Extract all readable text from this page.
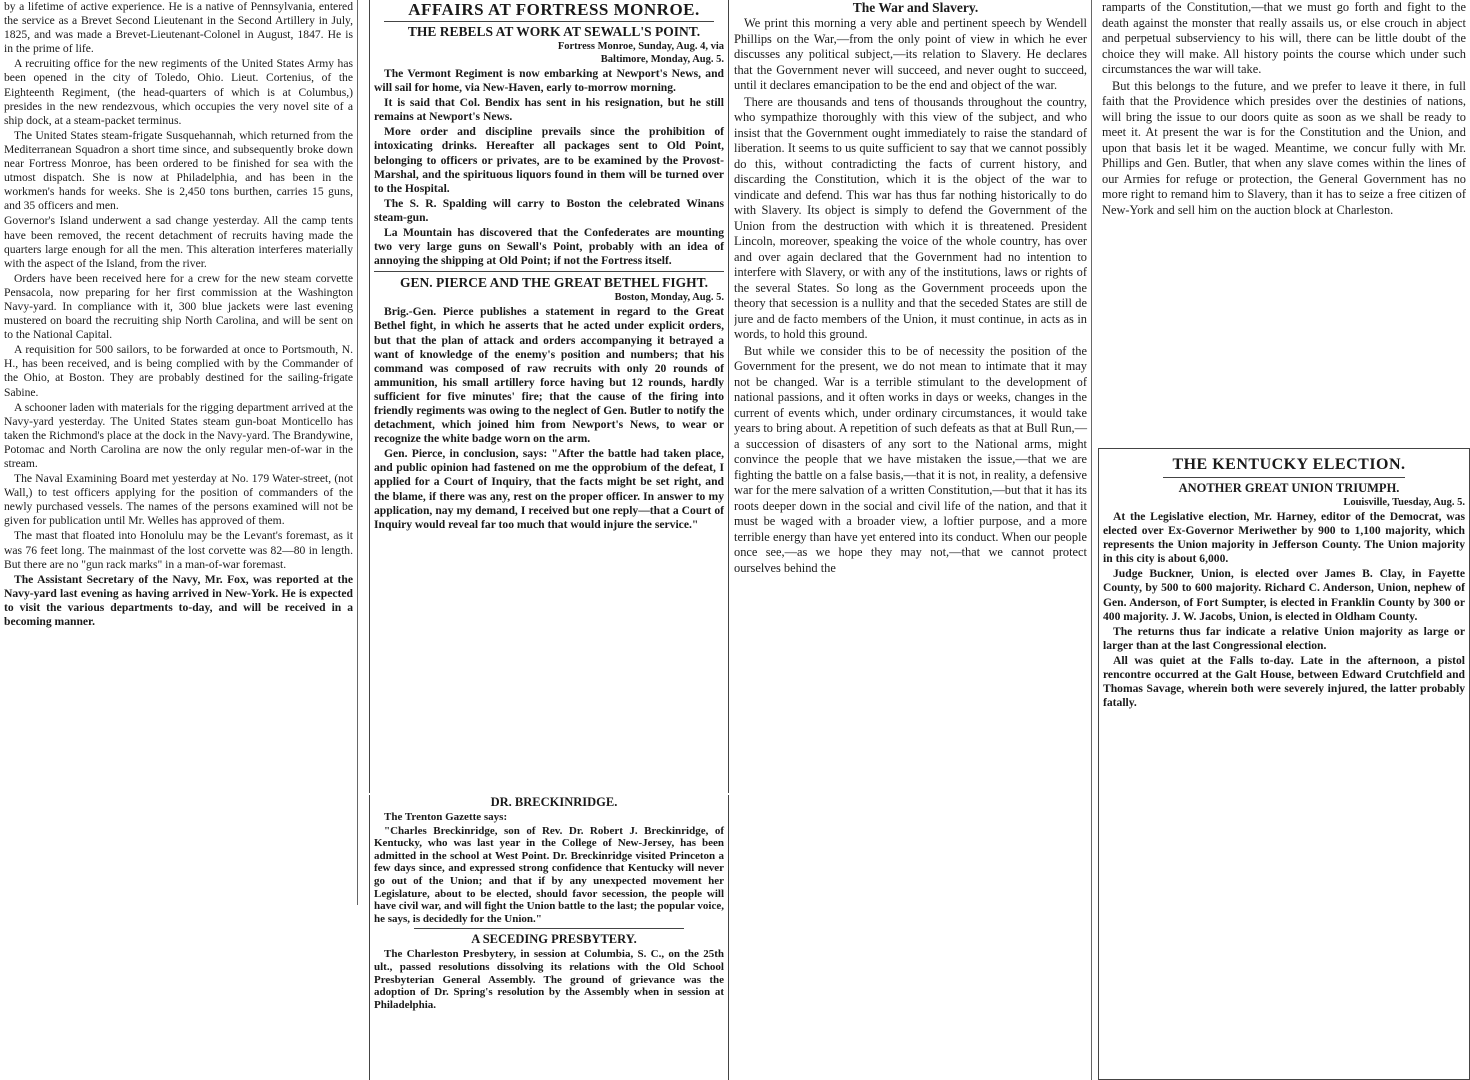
by a lifetime of active experience. He is a native of Pennsylvania, entered the service as a Brevet Second Lieutenant in the Second Artillery in July, 1825, and was made a Brevet-Lieutenant-Colonel in August, 1847. He is in the prime of life.

A recruiting office for the new regiments of the United States Army has been opened in the city of Toledo, Ohio. Lieut. Cortenius, of the Eighteenth Regiment, (the head-quarters of which is at Columbus,) presides in the new rendezvous, which occupies the very novel site of a ship dock, at a steam-packet terminus.

The United States steam-frigate Susquehannah, which returned from the Mediterranean Squadron a short time since, and subsequently broke down near Fortress Monroe, has been ordered to be finished for sea with the utmost dispatch. She is now at Philadelphia, and has been in the workmen's hands for weeks. She is 2,450 tons burthen, carries 15 guns, and 35 officers and men.

Governor's Island underwent a sad change yesterday. All the camp tents have been removed, the recent detachment of recruits having made the quarters large enough for all the men. This alteration interferes materially with the aspect of the Island, from the river.

Orders have been received here for a crew for the new steam corvette Pensacola, now preparing for her first commission at the Washington Navy-yard. In compliance with it, 300 blue jackets were last evening mustered on board the recruiting ship North Carolina, and will be sent on to the National Capital.

A requisition for 500 sailors, to be forwarded at once to Portsmouth, N. H., has been received, and is being complied with by the Commander of the Ohio, at Boston. They are probably destined for the sailing-frigate Sabine.

A schooner laden with materials for the rigging department arrived at the Navy-yard yesterday. The United States steam gun-boat Monticello has taken the Richmond's place at the dock in the Navy-yard. The Brandywine, Potomac and North Carolina are now the only regular men-of-war in the stream.

The Naval Examining Board met yesterday at No. 179 Water-street, (not Wall,) to test officers applying for the position of commanders of the newly purchased vessels. The names of the persons examined will not be given for publication until Mr. Welles has approved of them.

The mast that floated into Honolulu may be the Levant's foremast, as it was 76 feet long. The mainmast of the lost corvette was 82—80 in length. But there are no "gun rack marks" in a man-of-war foremast.

The Assistant Secretary of the Navy, Mr. Fox, was reported at the Navy-yard last evening as having arrived in New-York. He is expected to visit the various departments to-day, and will be received in a becoming manner.

AFFAIRS AT FORTRESS MONROE.

THE REBELS AT WORK AT SEWALL'S POINT.

Fortress Monroe, Sunday, Aug. 4, via

Baltimore, Monday, Aug. 5.

The Vermont Regiment is now embarking at Newport's News, and will sail for home, via New-Haven, early to-morrow morning.

It is said that Col. Bendix has sent in his resignation, but he still remains at Newport's News.

More order and discipline prevails since the prohibition of intoxicating drinks. Hereafter all packages sent to Old Point, belonging to officers or privates, are to be examined by the Provost-Marshal, and the spirituous liquors found in them will be turned over to the Hospital.

The S. R. Spalding will carry to Boston the celebrated Winans steam-gun.

La Mountain has discovered that the Confederates are mounting two very large guns on Sewall's Point, probably with an idea of annoying the shipping at Old Point; if not the Fortress itself.

GEN. PIERCE AND THE GREAT BETHEL FIGHT.

Boston, Monday, Aug. 5.

Brig.-Gen. Pierce publishes a statement in regard to the Great Bethel fight, in which he asserts that he acted under explicit orders, but that the plan of attack and orders accompanying it betrayed a want of knowledge of the enemy's position and numbers; that his command was composed of raw recruits with only 20 rounds of ammunition, his small artillery force having but 12 rounds, hardly sufficient for five minutes' fire; that the cause of the firing into friendly regiments was owing to the neglect of Gen. Butler to notify the detachment, which joined him from Newport's News, to wear or recognize the white badge worn on the arm.

Gen. Pierce, in conclusion, says: "After the battle had taken place, and public opinion had fastened on me the opprobium of the defeat, I applied for a Court of Inquiry, that the facts might be set right, and the blame, if there was any, rest on the proper officer. In answer to my application, nay my demand, I received but one reply—that a Court of Inquiry would reveal far too much that would injure the service."

DR. BRECKINRIDGE.

The Trenton Gazette says:

"Charles Breckinridge, son of Rev. Dr. Robert J. Breckinridge, of Kentucky, who was last year in the College of New-Jersey, has been admitted in the school at West Point. Dr. Breckinridge visited Princeton a few days since, and expressed strong confidence that Kentucky will never go out of the Union; and that if by any unexpected movement her Legislature, about to be elected, should favor secession, the people will have civil war, and will fight the Union battle to the last; the popular voice, he says, is decidedly for the Union."

A SECEDING PRESBYTERY.

The Charleston Presbytery, in session at Columbia, S. C., on the 25th ult., passed resolutions dissolving its relations with the Old School Presbyterian General Assembly. The ground of grievance was the adoption of Dr. Spring's resolution by the Assembly when in session at Philadelphia.

The War and Slavery.

We print this morning a very able and pertinent speech by Wendell Phillips on the War,—from the only point of view in which he ever discusses any political subject,—its relation to Slavery. He declares that the Government never will succeed, and never ought to succeed, until it declares emancipation to be the end and object of the war.

There are thousands and tens of thousands throughout the country, who sympathize thoroughly with this view of the subject, and who insist that the Government ought immediately to raise the standard of liberation. It seems to us quite sufficient to say that we cannot possibly do this, without contradicting the facts of current history, and discarding the Constitution, which it is the object of the war to vindicate and defend. This war has thus far nothing historically to do with Slavery. Its object is simply to defend the Government of the Union from the destruction with which it is threatened. President Lincoln, moreover, speaking the voice of the whole country, has over and over again declared that the Government had no intention to interfere with Slavery, or with any of the institutions, laws or rights of the several States. So long as the Government proceeds upon the theory that secession is a nullity and that the seceded States are still de jure and de facto members of the Union, it must continue, in acts as in words, to hold this ground.

But while we consider this to be of necessity the position of the Government for the present, we do not mean to intimate that it may not be changed. War is a terrible stimulant to the development of national passions, and it often works in days or weeks, changes in the current of events which, under ordinary circumstances, it would take years to bring about. A repetition of such defeats as that at Bull Run,—a succession of disasters of any sort to the National arms, might convince the people that we have mistaken the issue,—that we are fighting the battle on a false basis,—that it is not, in reality, a defensive war for the mere salvation of a written Constitution,—but that it has its roots deeper down in the social and civil life of the nation, and that it must be waged with a broader view, a loftier purpose, and a more terrible energy than have yet entered into its conduct. When our people once see,—as we hope they may not,—that we cannot protect ourselves behind the

ramparts of the Constitution,—that we must go forth and fight to the death against the monster that really assails us, or else crouch in abject and perpetual subserviency to his will, there can be little doubt of the choice they will make. All history points the course which under such circumstances the war will take.

But this belongs to the future, and we prefer to leave it there, in full faith that the Providence which presides over the destinies of nations, will bring the issue to our doors quite as soon as we shall be ready to meet it. At present the war is for the Constitution and the Union, and upon that basis let it be waged. Meantime, we concur fully with Mr. Phillips and Gen. Butler, that when any slave comes within the lines of our Armies for refuge or protection, the General Government has no more right to remand him to Slavery, than it has to seize a free citizen of New-York and sell him on the auction block at Charleston.

THE KENTUCKY ELECTION.

ANOTHER GREAT UNION TRIUMPH.

Louisville, Tuesday, Aug. 5.

At the Legislative election, Mr. Harney, editor of the Democrat, was elected over Ex-Governor Meriwether by 900 to 1,100 majority, which represents the Union majority in Jefferson County. The Union majority in this city is about 6,000.

Judge Buckner, Union, is elected over James B. Clay, in Fayette County, by 500 to 600 majority. Richard C. Anderson, Union, nephew of Gen. Anderson, of Fort Sumpter, is elected in Franklin County by 300 or 400 majority. J. W. Jacobs, Union, is elected in Oldham County.

The returns thus far indicate a relative Union majority as large or larger than at the last Congressional election.

All was quiet at the Falls to-day. Late in the afternoon, a pistol rencontre occurred at the Galt House, between Edward Crutchfield and Thomas Savage, wherein both were severely injured, the latter probably fatally.
